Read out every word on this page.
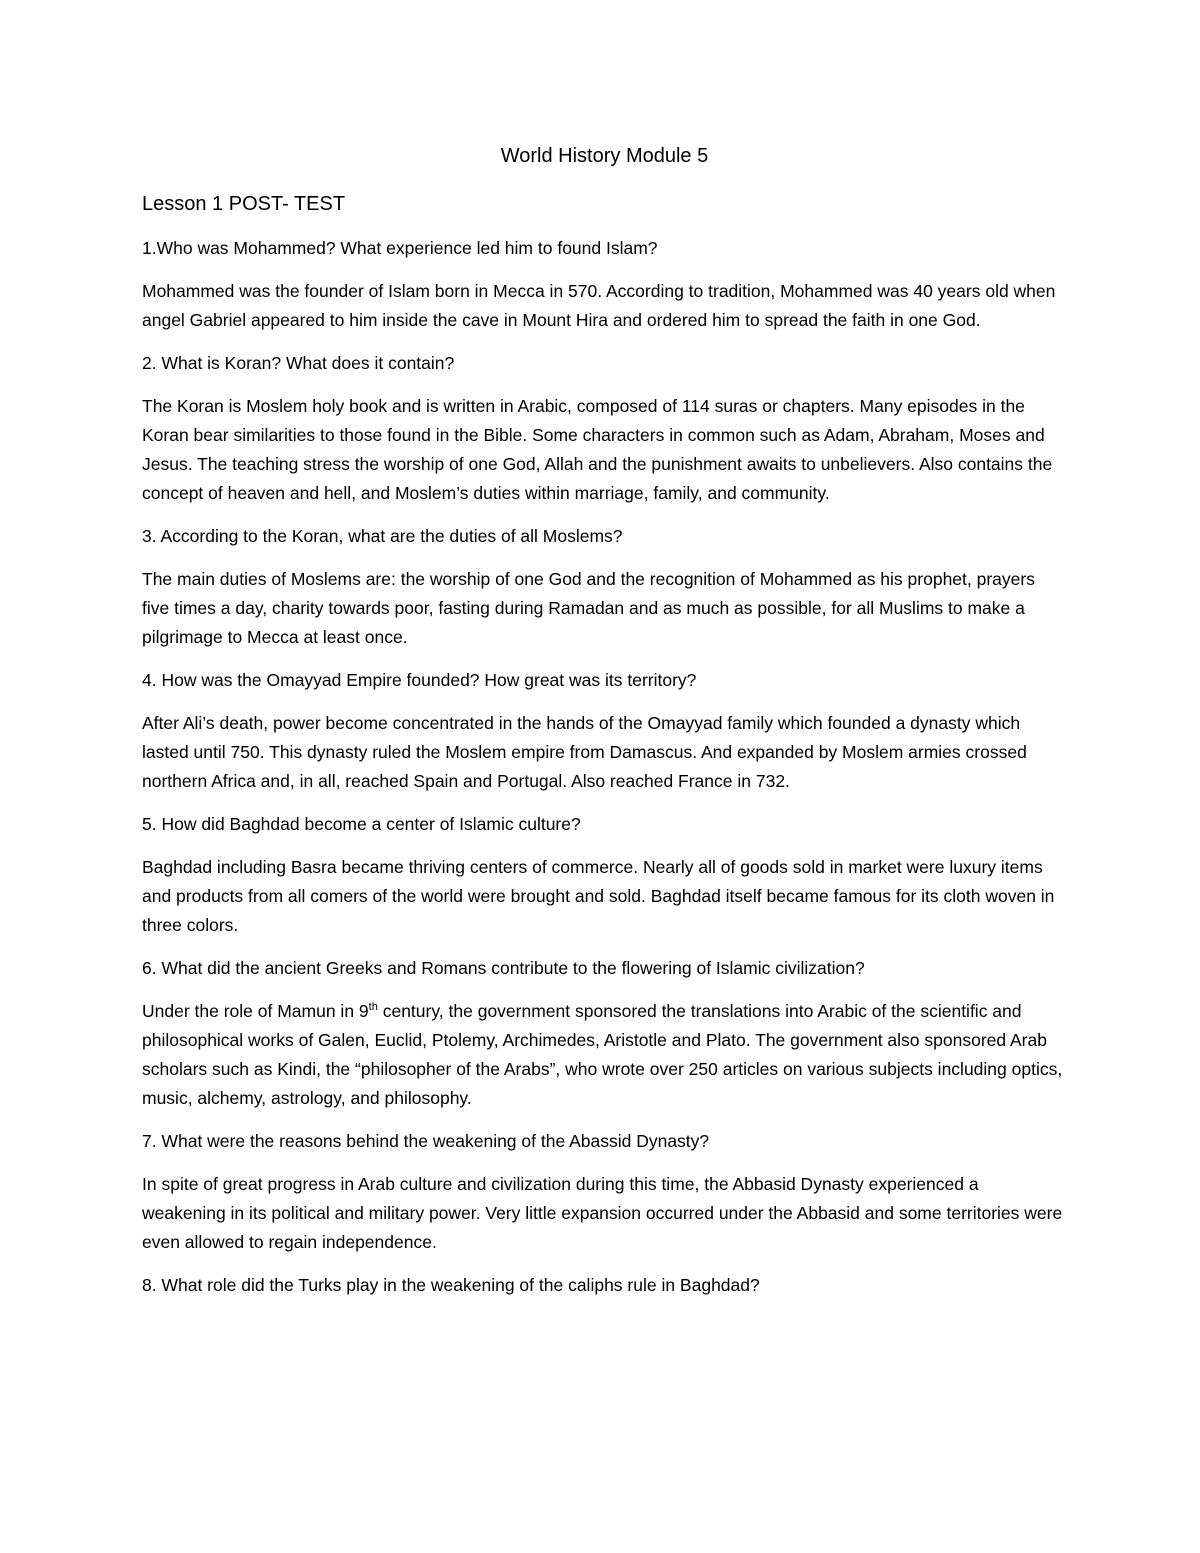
World History Module 5
Lesson 1 POST- TEST

1.Who was Mohammed? What experience led him to found Islam?

Mohammed was the founder of Islam born in Mecca in 570. According to tradition, Mohammed was 40 years old when angel Gabriel appeared to him inside the cave in Mount Hira and ordered him to spread the faith in one God.

2. What is Koran? What does it contain?

The Koran is Moslem holy book and is written in Arabic, composed of 114 suras or chapters. Many episodes in the Koran bear similarities to those found in the Bible. Some characters in common such as Adam, Abraham, Moses and Jesus. The teaching stress the worship of one God, Allah and the punishment awaits to unbelievers. Also contains the concept of heaven and hell, and Moslem’s duties within marriage, family, and community.

3. According to the Koran, what are the duties of all Moslems?

The main duties of Moslems are: the worship of one God and the recognition of Mohammed as his prophet, prayers five times a day, charity towards poor, fasting during Ramadan and as much as possible, for all Muslims to make a pilgrimage to Mecca at least once.

4. How was the Omayyad Empire founded? How great was its territory?

After Ali’s death, power become concentrated in the hands of the Omayyad family which founded a dynasty which lasted until 750. This dynasty ruled the Moslem empire from Damascus. And expanded by Moslem armies crossed northern Africa and, in all, reached Spain and Portugal. Also reached France in 732.

5. How did Baghdad become a center of Islamic culture?

Baghdad including Basra became thriving centers of commerce. Nearly all of goods sold in market were luxury items and products from all comers of the world were brought and sold. Baghdad itself became famous for its cloth woven in three colors.

6. What did the ancient Greeks and Romans contribute to the flowering of Islamic civilization?

Under the role of Mamun in 9th century, the government sponsored the translations into Arabic of the scientific and philosophical works of Galen, Euclid, Ptolemy, Archimedes, Aristotle and Plato. The government also sponsored Arab scholars such as Kindi, the “philosopher of the Arabs”, who wrote over 250 articles on various subjects including optics, music, alchemy, astrology, and philosophy.

7. What were the reasons behind the weakening of the Abassid Dynasty?

In spite of great progress in Arab culture and civilization during this time, the Abbasid Dynasty experienced a weakening in its political and military power. Very little expansion occurred under the Abbasid and some territories were even allowed to regain independence.

8. What role did the Turks play in the weakening of the caliphs rule in Baghdad?
